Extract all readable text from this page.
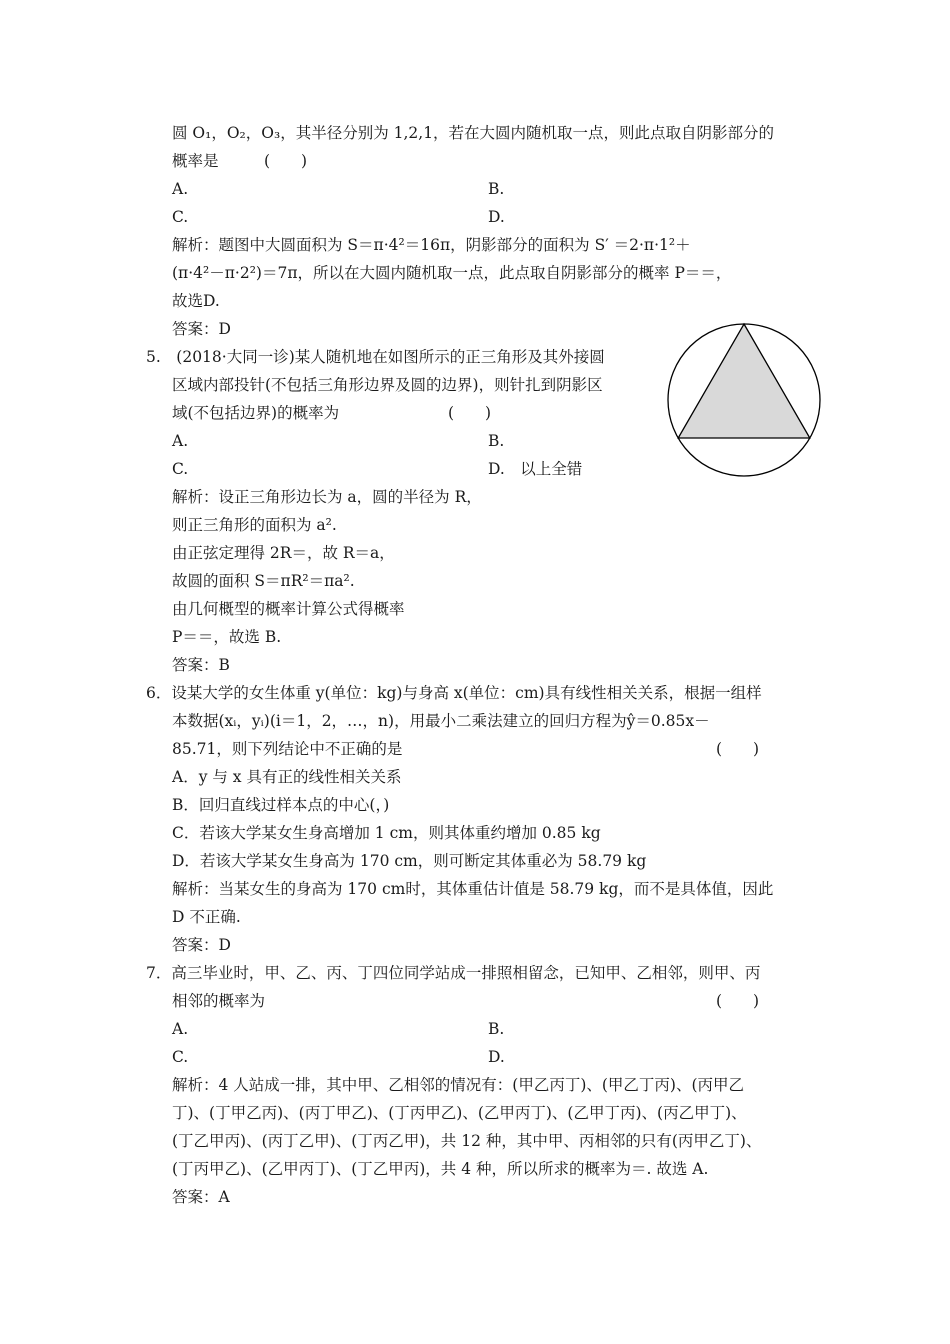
圆 O₁，O₂，O₃，其半径分别为 1,2,1，若在大圆内随机取一点，则此点取自阴影部分的
概率是	(　　)
A.	B.
C.	D.
解析：题图中大圆面积为 S＝π·4²＝16π，阴影部分的面积为 S′ ＝2·π·1²＋
(π·4²－π·2²)＝7π，所以在大圆内随机取一点，此点取自阴影部分的概率 P＝＝，
故选D.
答案：D
5.　(2018·大同一诊)某人随机地在如图所示的正三角形及其外接圆
区域内部投针(不包括三角形边界及圆的边界)，则针扎到阴影区
域(不包括边界)的概率为	(　　)
A.	B.
C.	D.　以上全错
解析：设正三角形边长为 a，圆的半径为 R，
则正三角形的面积为 a².
由正弦定理得 2R＝，故 R＝a，
故圆的面积 S＝πR²＝πa².
由几何概型的概率计算公式得概率
P＝＝，故选 B.
答案：B
6．设某大学的女生体重 y(单位：kg)与身高 x(单位：cm)具有线性相关关系，根据一组样
本数据(xᵢ，yᵢ)(i＝1，2，…，n)，用最小二乘法建立的回归方程为ŷ＝0.85x－
85.71，则下列结论中不正确的是	(　　)
A．y 与 x 具有正的线性相关关系
B．回归直线过样本点的中心(，)
C．若该大学某女生身高增加 1 cm，则其体重约增加 0.85 kg
D．若该大学某女生身高为 170 cm，则可断定其体重必为 58.79 kg
解析：当某女生的身高为 170 cm时，其体重估计值是 58.79 kg，而不是具体值，因此
D 不正确.
答案：D
7．高三毕业时，甲、乙、丙、丁四位同学站成一排照相留念，已知甲、乙相邻，则甲、丙
相邻的概率为	(　　)
A.	B.
C.	D.
解析：4 人站成一排，其中甲、乙相邻的情况有：(甲乙丙丁)、(甲乙丁丙)、(丙甲乙
丁)、(丁甲乙丙)、(丙丁甲乙)、(丁丙甲乙)、(乙甲丙丁)、(乙甲丁丙)、(丙乙甲丁)、
(丁乙甲丙)、(丙丁乙甲)、(丁丙乙甲)，共 12 种，其中甲、丙相邻的只有(丙甲乙丁)、
(丁丙甲乙)、(乙甲丙丁)、(丁乙甲丙)，共 4 种，所以所求的概率为＝. 故选 A.
答案：A
